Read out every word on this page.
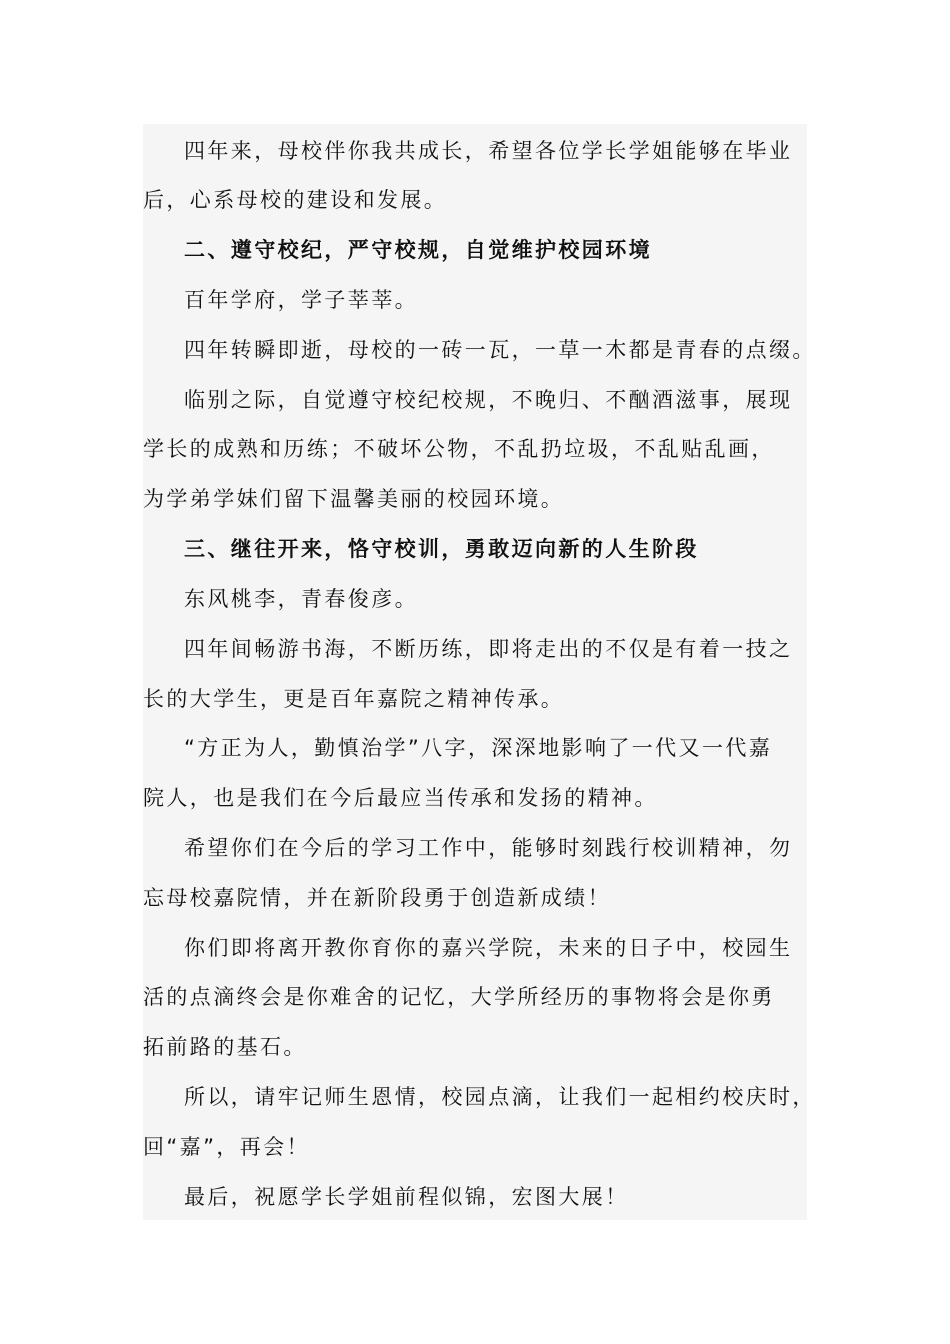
四年来，母校伴你我共成长，希望各位学长学姐能够在毕业
后，心系母校的建设和发展。
二、遵守校纪，严守校规，自觉维护校园环境
百年学府，学子莘莘。
四年转瞬即逝，母校的一砖一瓦，一草一木都是青春的点缀。
临别之际，自觉遵守校纪校规，不晚归、不酗酒滋事，展现
学长的成熟和历练；不破坏公物，不乱扔垃圾，不乱贴乱画，
为学弟学妹们留下温馨美丽的校园环境。
三、继往开来，恪守校训，勇敢迈向新的人生阶段
东风桃李，青春俊彦。
四年间畅游书海，不断历练，即将走出的不仅是有着一技之
长的大学生，更是百年嘉院之精神传承。
“方正为人，勤慎治学”八字，深深地影响了一代又一代嘉
院人，也是我们在今后最应当传承和发扬的精神。
希望你们在今后的学习工作中，能够时刻践行校训精神，勿
忘母校嘉院情，并在新阶段勇于创造新成绩！
你们即将离开教你育你的嘉兴学院，未来的日子中，校园生
活的点滴终会是你难舍的记忆，大学所经历的事物将会是你勇
拓前路的基石。
所以，请牢记师生恩情，校园点滴，让我们一起相约校庆时，
回“嘉”，再会！
最后，祝愿学长学姐前程似锦，宏图大展！
